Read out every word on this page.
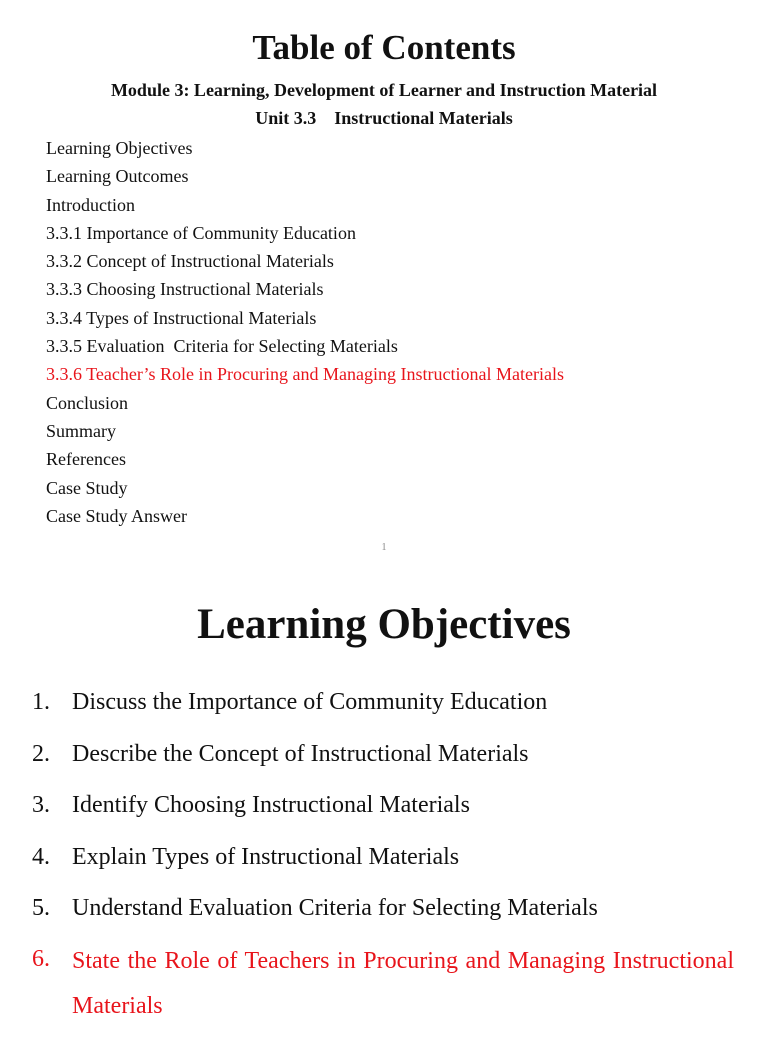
Table of Contents
Module 3: Learning, Development of Learner and Instruction Material
Unit 3.3    Instructional Materials
Learning Objectives
Learning Outcomes
Introduction
3.3.1 Importance of Community Education
3.3.2 Concept of Instructional Materials
3.3.3 Choosing Instructional Materials
3.3.4 Types of Instructional Materials
3.3.5 Evaluation  Criteria for Selecting Materials
3.3.6 Teacher’s Role in Procuring and Managing Instructional Materials
Conclusion
Summary
References
Case Study
Case Study Answer
1
Learning Objectives
1. Discuss the Importance of Community Education
2. Describe the Concept of Instructional Materials
3. Identify Choosing Instructional Materials
4. Explain Types of Instructional Materials
5. Understand Evaluation Criteria for Selecting Materials
6. State the Role of Teachers in Procuring and Managing Instructional Materials
